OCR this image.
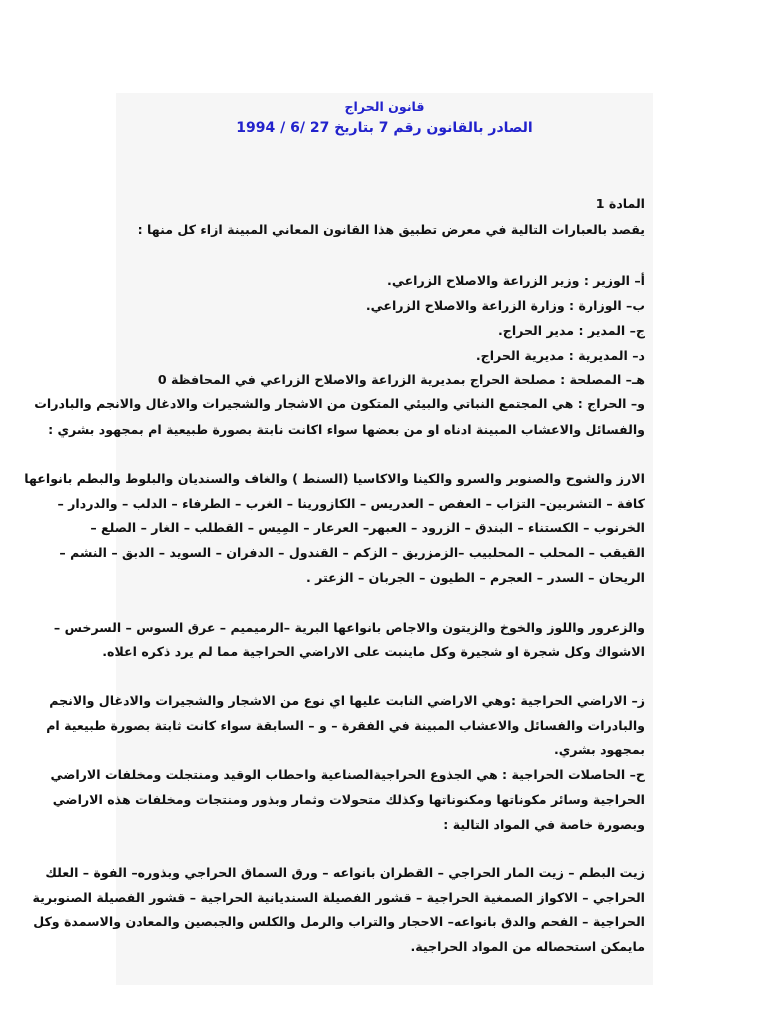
قانون الحراج
الصادر بالقانون رقم 7 بتاريخ 27 /6 / 1994
المادة 1
يقصد بالعبارات التالية في معرض تطبيق هذا القانون المعاني المبينة ازاء كل منها :
أ– الوزير : وزير الزراعة والاصلاح الزراعي.
ب– الوزارة : وزارة الزراعة والاصلاح الزراعي.
ج– المدير : مدير الحراج.
د– المديرية : مديرية الحراج.
هـ– المصلحة : مصلحة الحراج بمديرية الزراعة والاصلاح الزراعي في المحافظة 0
و– الحراج : هي المجتمع النباتي والبيئي المتكون من الاشجار والشجيرات والادغال والانجم والبادرات
والفسائل والاعشاب المبينة ادناه او من بعضها سواء اكانت نابتة بصورة طبيعية ام بمجهود بشري :
الارز والشوح والصنوبر والسرو والكينا والاكاسيا (السنط ) والغاف والسنديان والبلوط والبطم بانواعها
كافة – التشربين– التزاب – العفص – العدريس – الكازورينا – الغرب – الطرفاء – الدلب – والدردار –
الخرنوب – الكستناء – البندق – الزرود – العبهر– العرعار – المِيس – القطلب – الغار – الصلع –
القيقب – المحلب – المحلبيب –الزمزريق – الزكم – القندول – الدفران – السويد – الدبق – النشم –
الريحان – السدر – العجرم – الطيون – الجربان – الزعتر .
والزعرور واللوز والخوخ والزيتون والاجاص بانواعها البرية –الرميميم – عرق السوس – السرخس –
الاشواك وكل شجرة او شجيرة وكل ماينبت على الاراضي الحراجية مما لم يرد ذكره اعلاه.
ز– الاراضي الحراجية :وهي الاراضي النابت عليها اي نوع من الاشجار والشجيرات والادغال والانجم
والبادرات والفسائل والاعشاب المبينة في الفقرة – و – السابقة سواء كانت ثابتة بصورة طبيعية ام
بمجهود بشري.
ح– الحاصلات الحراجية : هي الجذوع الحراجيةالصناعية واحطاب الوقيد ومنتجلت ومخلفات الاراضي
الحراجية وسائر مكوناتها ومكنوناتها وكذلك متحولات وثمار وبذور ومنتجات ومخلفات هذه الاراضي
وبصورة خاصة في المواد التالية :
زيت البطم – زيت المار الحراجي – القطران بانواعه – ورق السماق الحراجي وبذوره– الفوة – العلك
الحراجي – الاكواز الصمغية الحراجية – قشور الفصيلة السنديانية الحراجية – قشور الفصيلة الصنوبرية
الحراجية – الفحم والدق بانواعه– الاحجار والتراب والرمل والكلس والجبصين والمعادن والاسمدة وكل
مايمكن استحصاله من المواد الحراجية.
